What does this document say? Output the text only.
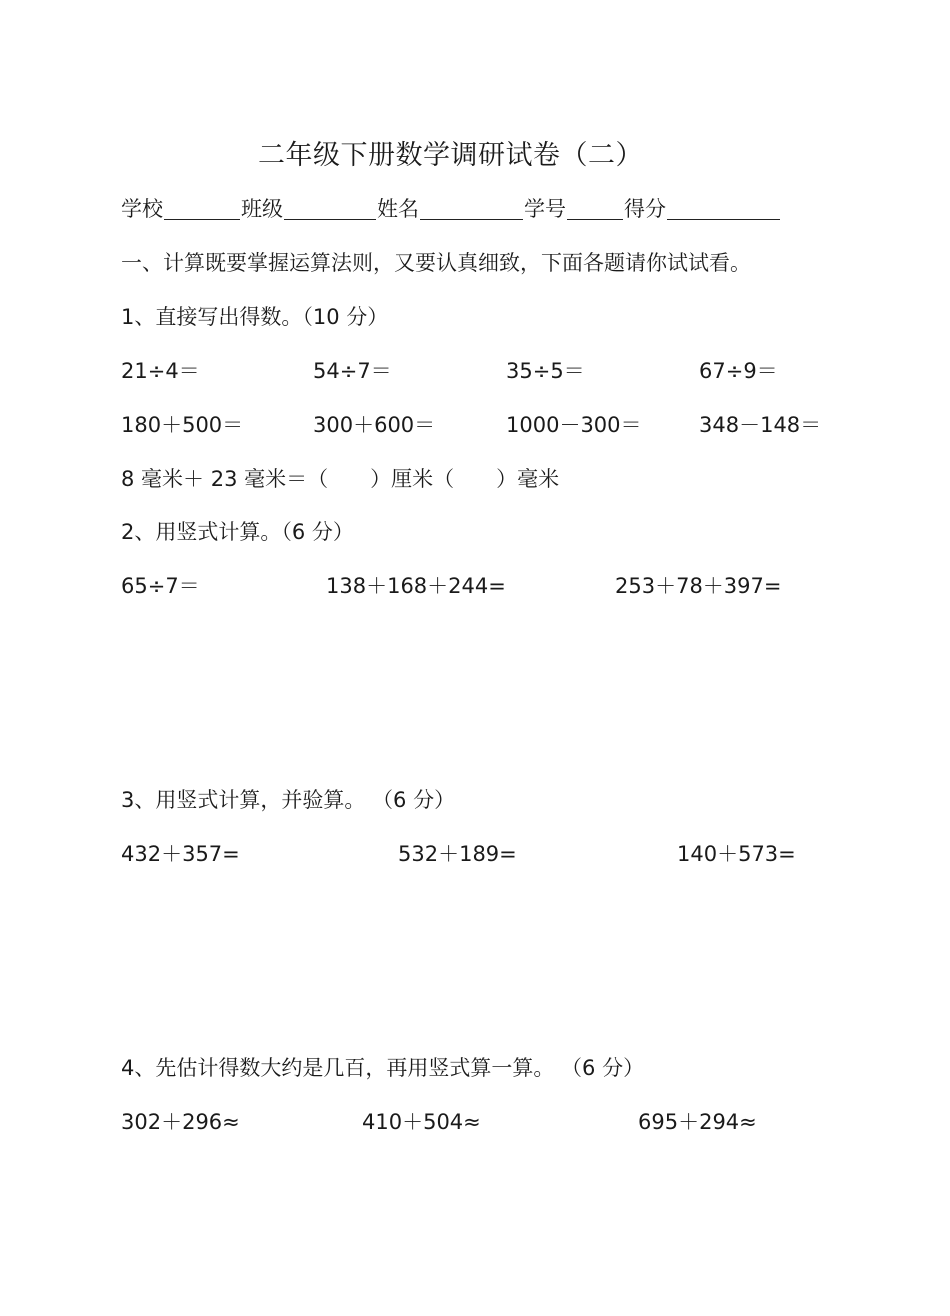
二年级下册数学调研试卷（二）
学校	班级	姓名	学号	得分
一、计算既要掌握运算法则，又要认真细致，下面各题请你试试看。
1、直接写出得数。（10 分）
21÷4＝	54÷7＝	35÷5＝	67÷9＝
180＋500＝	300＋600＝	1000－300＝	348－148＝
8 毫米＋ 23 毫米＝（　　）厘米（　　）毫米
2、用竖式计算。（6 分）
65÷7＝	138＋168＋244=	253＋78＋397=
3、用竖式计算，并验算。 （6 分）
432＋357=	532＋189=	140＋573=
4、先估计得数大约是几百，再用竖式算一算。 （6 分）
302＋296≈	410＋504≈	695＋294≈
